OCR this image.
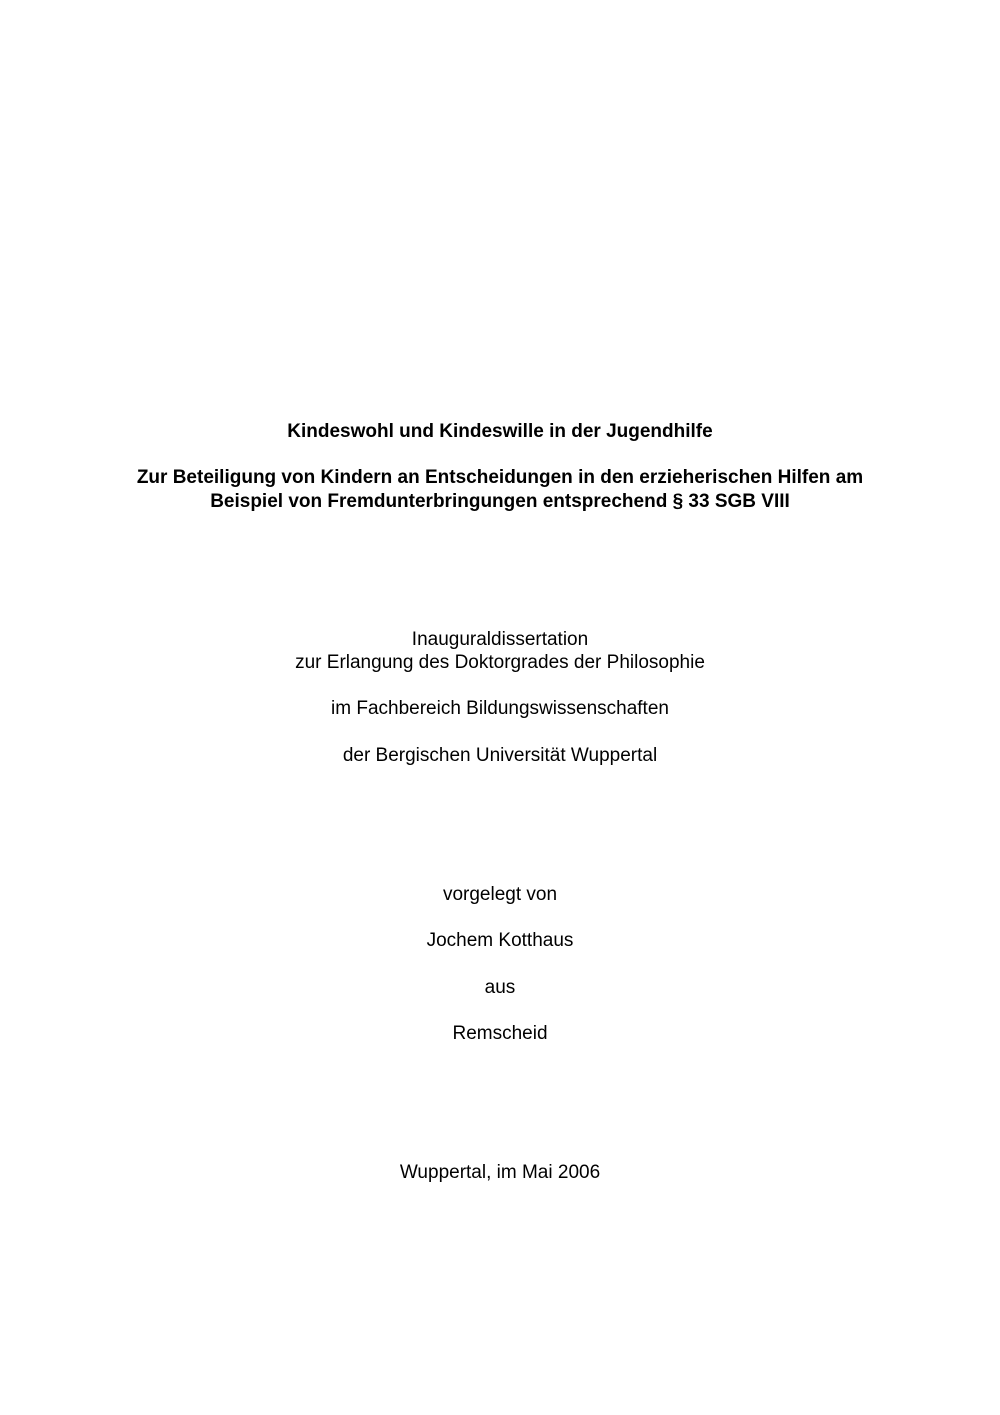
Kindeswohl und Kindeswille in der Jugendhilfe
Zur Beteiligung von Kindern an Entscheidungen in den erzieherischen Hilfen am
Beispiel von Fremdunterbringungen entsprechend § 33 SGB VIII
Inauguraldissertation
zur Erlangung des Doktorgrades der Philosophie
im Fachbereich Bildungswissenschaften
der Bergischen Universität Wuppertal
vorgelegt von
Jochem Kotthaus
aus
Remscheid
Wuppertal, im Mai 2006
